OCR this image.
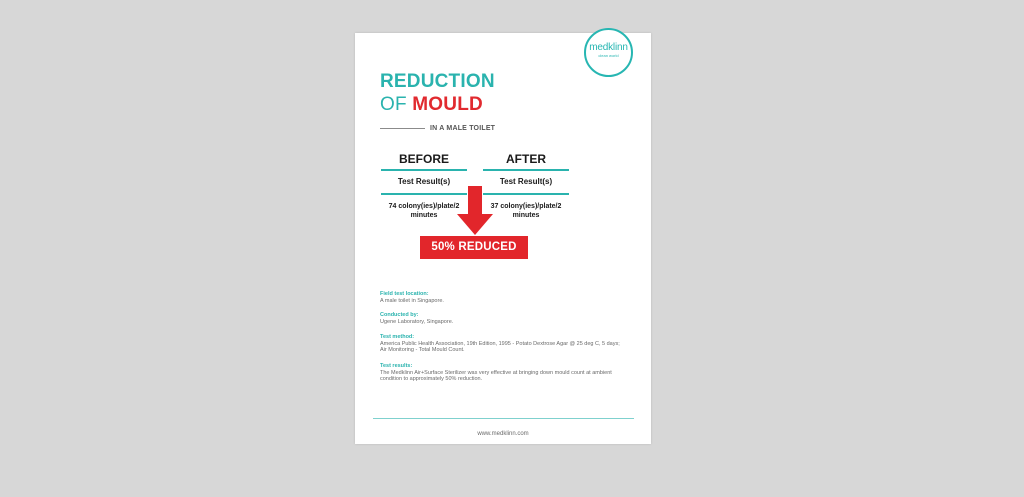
medklinn
clean world
REDUCTION
OF MOULD
IN A MALE TOILET
BEFORE
Test Result(s)
74 colony(ies)/plate/2 minutes
AFTER
Test Result(s)
37 colony(ies)/plate/2 minutes
50% REDUCED
Field test location:
A male toilet in Singapore.
Conducted by:
Ugene Laboratory, Singapore.
Test method:
America Public Health Association, 19th Edition, 1995 - Potato Dextrose Agar @ 25 deg C, 5 days; Air Monitoring - Total Mould Count.
Test results:
The Medklinn Air+Surface Sterilizer was very effective at bringing down mould count at ambient condition to approximately 50% reduction.
www.medklinn.com
